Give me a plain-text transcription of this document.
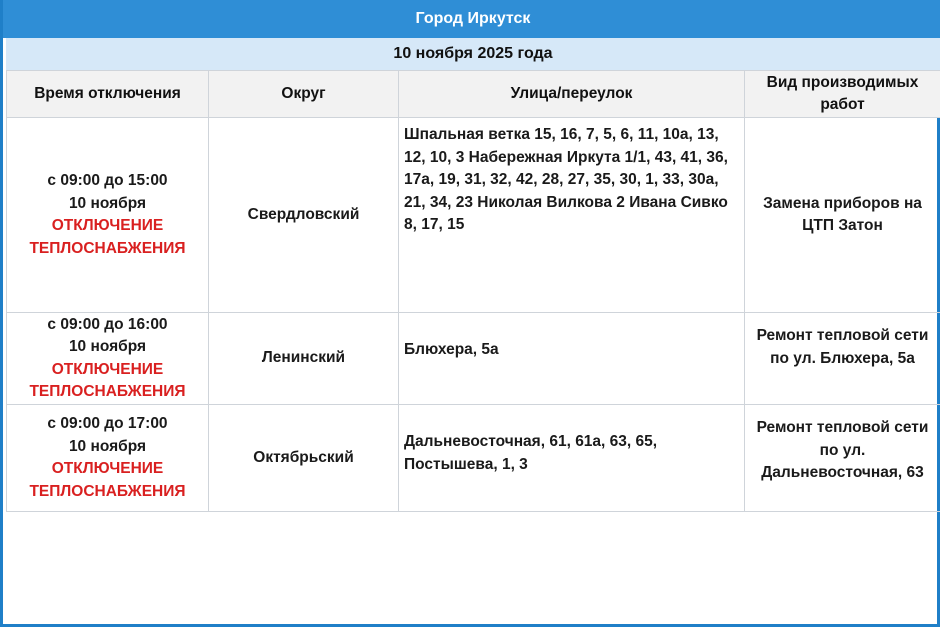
Город Иркутск
10 ноября 2025 года
Время отключения	Округ	Улица/переулок	Вид производимых работ

с 09:00 до 15:00
10 ноября
ОТКЛЮЧЕНИЕ ТЕПЛОСНАБЖЕНИЯ	Свердловский	Шпальная ветка 15, 16, 7, 5, 6, 11, 10а, 13, 12, 10, 3 Набережная Иркута 1/1, 43, 41, 36, 17а, 19, 31, 32, 42, 28, 27, 35, 30, 1, 33, 30а, 21, 34, 23 Николая Вилкова 2 Ивана Сивко 8, 17, 15	Замена приборов на ЦТП Затон

с 09:00 до 16:00
10 ноября
ОТКЛЮЧЕНИЕ ТЕПЛОСНАБЖЕНИЯ	Ленинский	Блюхера, 5а	Ремонт тепловой сети по ул. Блюхера, 5а

с 09:00 до 17:00
10 ноября
ОТКЛЮЧЕНИЕ ТЕПЛОСНАБЖЕНИЯ	Октябрьский	Дальневосточная, 61, 61а, 63, 65, Постышева, 1, 3	Ремонт тепловой сети по ул. Дальневосточная, 63
